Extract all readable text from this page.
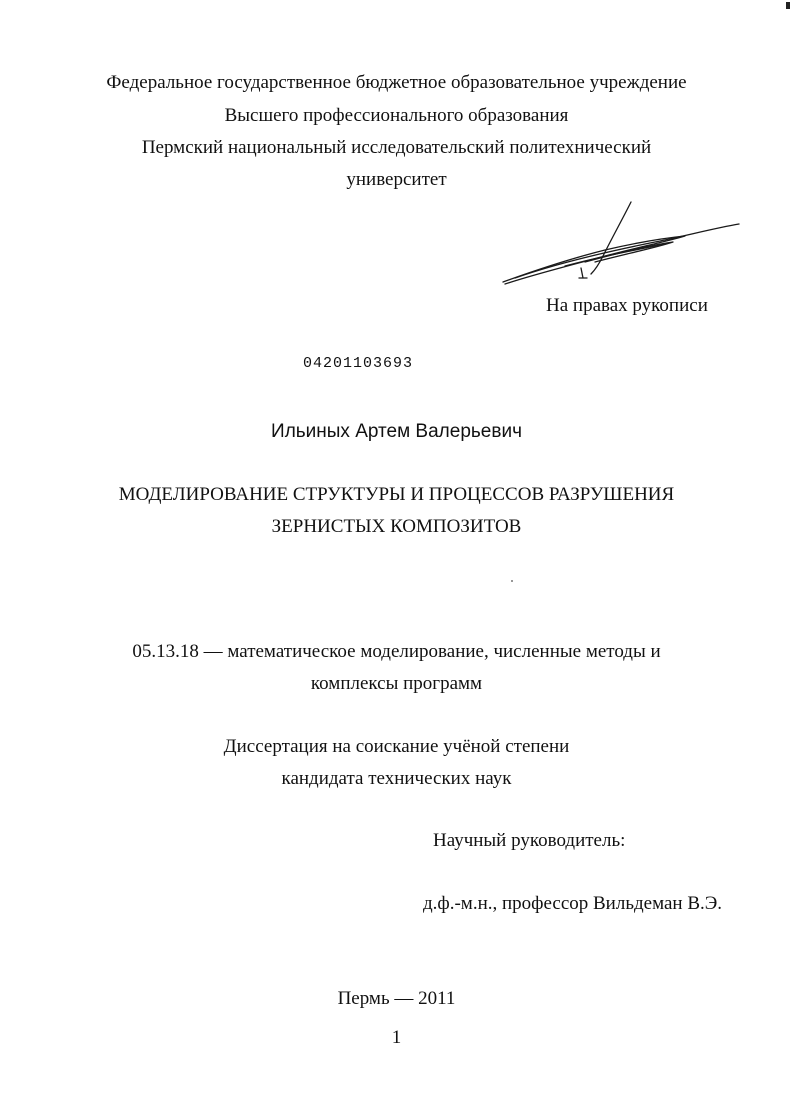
Федеральное государственное бюджетное образовательное учреждение
Высшего профессионального образования
Пермский национальный исследовательский политехнический
университет
На правах рукописи
04201103693
Ильиных Артем Валерьевич
МОДЕЛИРОВАНИЕ СТРУКТУРЫ И ПРОЦЕССОВ РАЗРУШЕНИЯ
ЗЕРНИСТЫХ КОМПОЗИТОВ
05.13.18 — математическое моделирование, численные методы и
комплексы программ
Диссертация на соискание учёной степени
кандидата технических наук
Научный руководитель:
д.ф.-м.н., профессор Вильдеман В.Э.
Пермь — 2011
1
